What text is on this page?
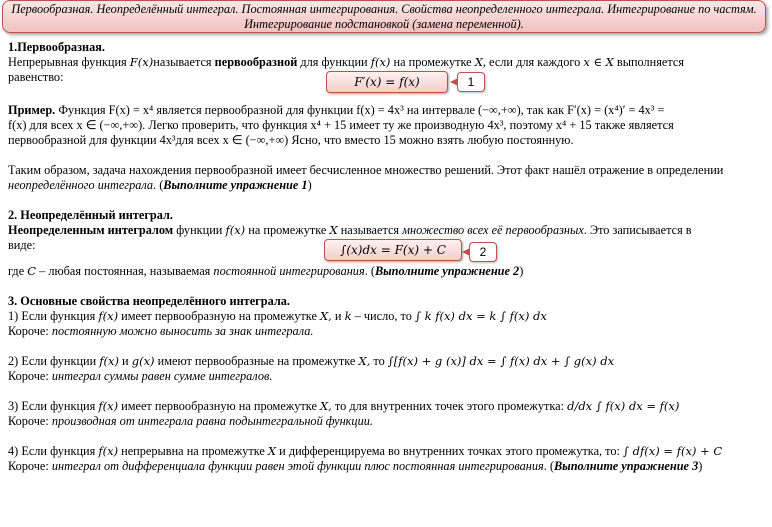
Первообразная. Неопределённый интеграл. Постоянная интегрирования. Свойства неопределенного интеграла. Интегрирование по частям. Интегрирование подстановкой (замена переменной).

1.Первообразная.

Непрерывная функция F(x)называется первообразной для функции f(x) на промежутке X, если для каждого x ∈ X выполняется

равенство:	F′(x) = f(x)	1

Пример. Функция F(x) = x⁴ является первообразной для функции f(x) = 4x³ на интервале (−∞,+∞), так как F′(x) = (x⁴)′ = 4x³ =

f(x) для всех x ∈ (−∞,+∞). Легко проверить, что функция x⁴ + 15 имеет ту же производную 4x³, поэтому x⁴ + 15 также является

первообразной для функции 4x³для всех x ∈ (−∞,+∞) Ясно, что вместо 15 можно взять любую постоянную.

Таким образом, задача нахождения первообразной имеет бесчисленное множество решений. Этот факт нашёл отражение в определении

неопределённого интеграла. (Выполните упражнение 1)

2. Неопределённый интеграл.

Неопределенным интегралом функции f(x) на промежутке X называется множество всех её первообразных. Это записывается в

виде:	∫(x)dx = F(x) + C	2

где C – любая постоянная, называемая постоянной интегрирования. (Выполните упражнение 2)

3. Основные свойства неопределённого интеграла.

1) Если функция f(x) имеет первообразную на промежутке X, и k – число, то ∫ k f(x) dx = k ∫ f(x) dx

Короче: постоянную можно выносить за знак интеграла.

2) Если функции f(x) и g(x) имеют первообразные на промежутке X, то ∫[f(x) + g (x)] dx = ∫ f(x) dx + ∫ g(x) dx

Короче: интеграл суммы равен сумме интегралов.

3) Если функция f(x) имеет первообразную на промежутке X, то для внутренних точек этого промежутка: d/dx ∫ f(x) dx = f(x)

Короче: производная от интеграла равна подынтегральной функции.

4) Если функция f(x) непрерывна на промежутке X и дифференцируема во внутренних точках этого промежутка, то: ∫ df(x) = f(x) + C

Короче: интеграл от дифференциала функции равен этой функции плюс постоянная интегрирования. (Выполните упражнение 3)
